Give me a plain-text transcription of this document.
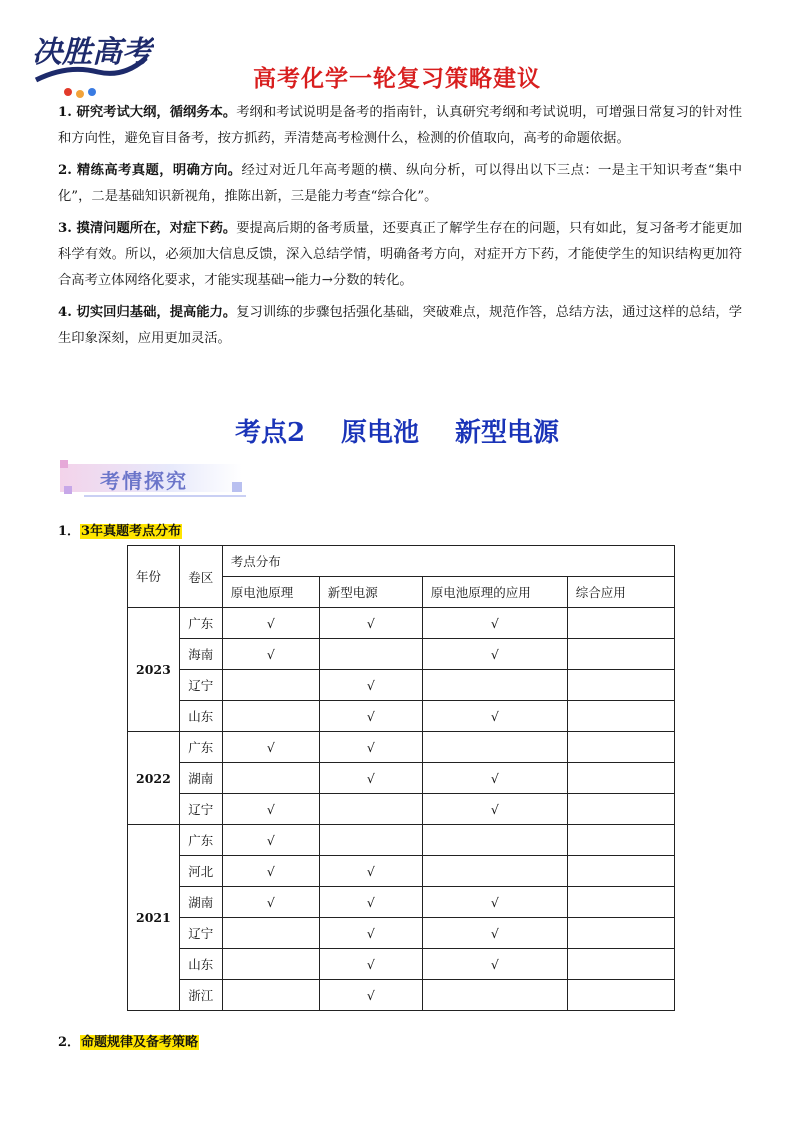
决胜高考
高考化学一轮复习策略建议

1. 研究考试大纲，循纲务本。考纲和考试说明是备考的指南针，认真研究考纲和考试说明，可增强日常复习的针对性和方向性，避免盲目备考，按方抓药，弄清楚高考检测什么，检测的价值取向，高考的命题依据。

2. 精练高考真题，明确方向。经过对近几年高考题的横、纵向分析，可以得出以下三点：一是主干知识考查“集中化”，二是基础知识新视角，推陈出新，三是能力考查“综合化”。

3. 摸清问题所在，对症下药。要提高后期的备考质量，还要真正了解学生存在的问题，只有如此，复习备考才能更加科学有效。所以，必须加大信息反馈，深入总结学情，明确备考方向，对症开方下药，才能使学生的知识结构更加符合高考立体网络化要求，才能实现基础→能力→分数的转化。

4. 切实回归基础，提高能力。复习训练的步骤包括强化基础，突破难点，规范作答，总结方法，通过这样的总结，学生印象深刻，应用更加灵活。

考点2 原电池 新型电源
考情探究
1．3年真题考点分布
年份	卷区	考点分布			
		原电池原理	新型电源	原电池原理的应用	综合应用
2023	广东	√	√	√	
	海南	√		√	
	辽宁		√		
	山东		√	√	
2022	广东	√	√		
	湖南		√	√	
	辽宁	√		√	
2021	广东	√			
	河北	√	√		
	湖南	√	√	√	
	辽宁		√	√	
	山东		√	√	
	浙江		√		
2．命题规律及备考策略
